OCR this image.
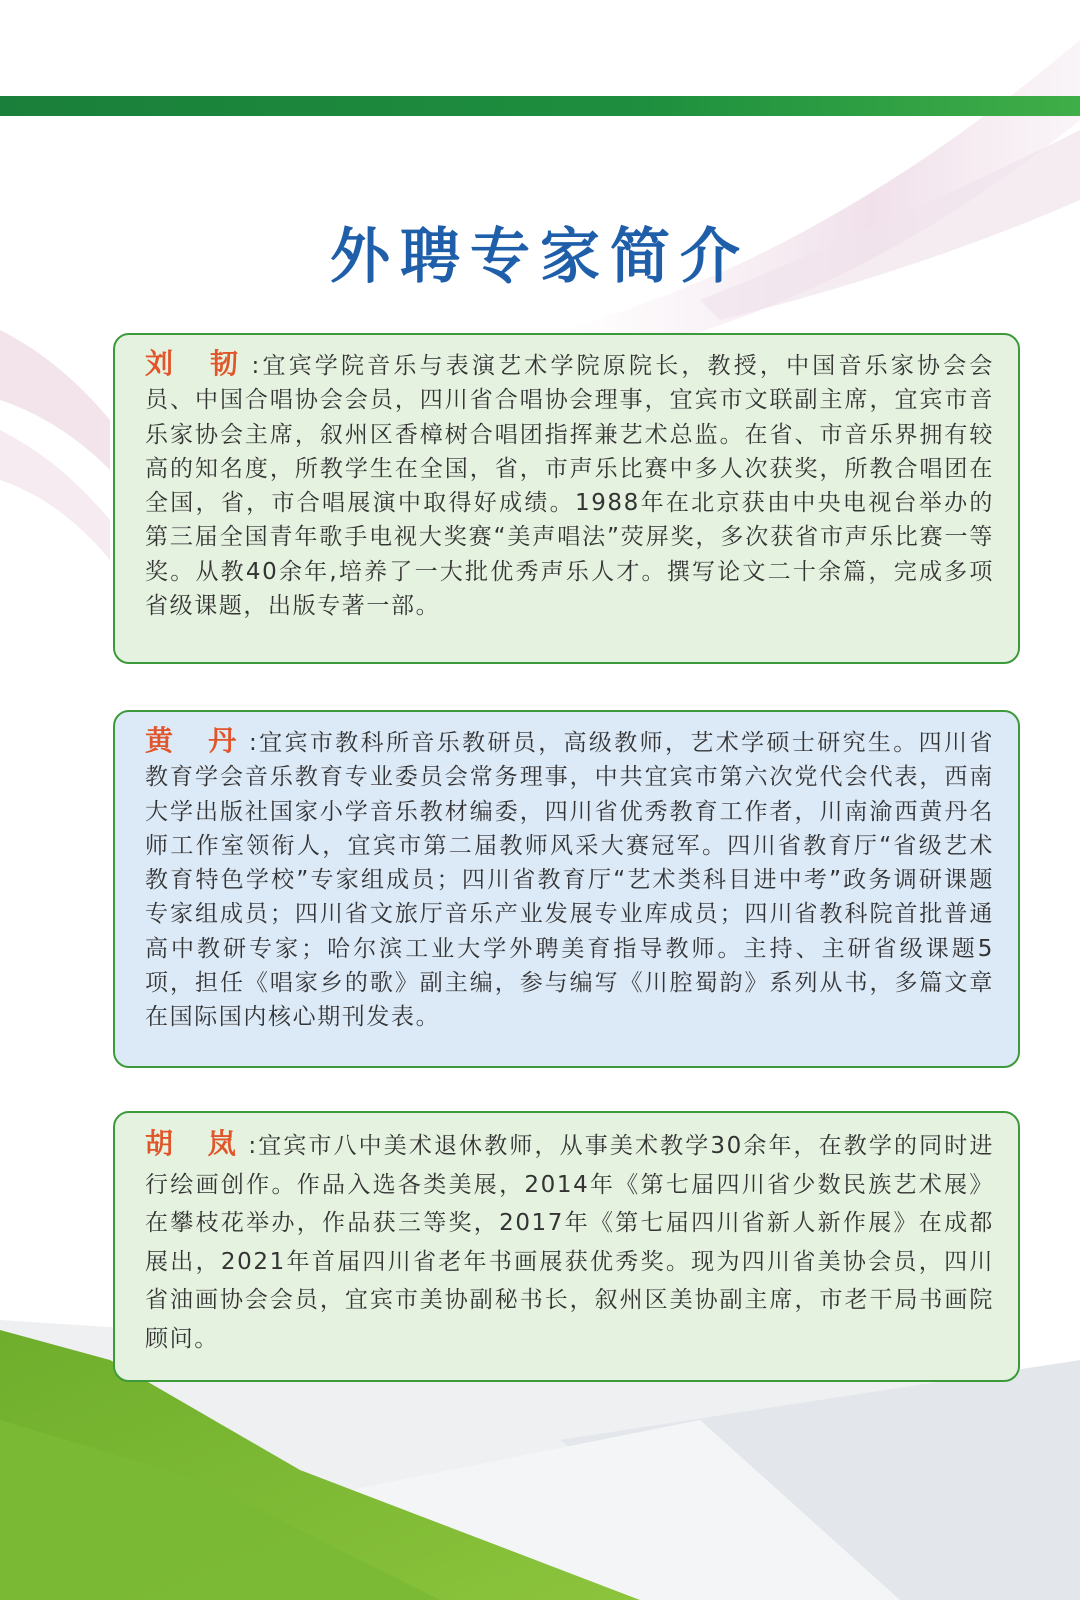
外聘专家简介
刘 韧:宜宾学院音乐与表演艺术学院原院长，教授，中国音乐家协会会员、中国合唱协会会员，四川省合唱协会理事，宜宾市文联副主席，宜宾市音乐家协会主席，叙州区香樟树合唱团指挥兼艺术总监。在省、市音乐界拥有较高的知名度，所教学生在全国，省，市声乐比赛中多人次获奖，所教合唱团在全国，省，市合唱展演中取得好成绩。1988年在北京获由中央电视台举办的第三届全国青年歌手电视大奖赛“美声唱法”荧屏奖，多次获省市声乐比赛一等奖。从教40余年,培养了一大批优秀声乐人才。撰写论文二十余篇，完成多项省级课题，出版专著一部。
黄 丹:宜宾市教科所音乐教研员，高级教师，艺术学硕士研究生。四川省教育学会音乐教育专业委员会常务理事，中共宜宾市第六次党代会代表，西南大学出版社国家小学音乐教材编委，四川省优秀教育工作者，川南渝西黄丹名师工作室领衔人，宜宾市第二届教师风采大赛冠军。四川省教育厅“省级艺术教育特色学校”专家组成员；四川省教育厅“艺术类科目进中考”政务调研课题专家组成员；四川省文旅厅音乐产业发展专业库成员；四川省教科院首批普通高中教研专家；哈尔滨工业大学外聘美育指导教师。主持、主研省级课题5项，担任《唱家乡的歌》副主编，参与编写《川腔蜀韵》系列从书，多篇文章在国际国内核心期刊发表。
胡 岚:宜宾市八中美术退休教师，从事美术教学30余年，在教学的同时进行绘画创作。作品入选各类美展，2014年《第七届四川省少数民族艺术展》在攀枝花举办，作品获三等奖，2017年《第七届四川省新人新作展》在成都展出，2021年首届四川省老年书画展获优秀奖。现为四川省美协会员，四川省油画协会会员，宜宾市美协副秘书长，叙州区美协副主席，市老干局书画院顾问。
